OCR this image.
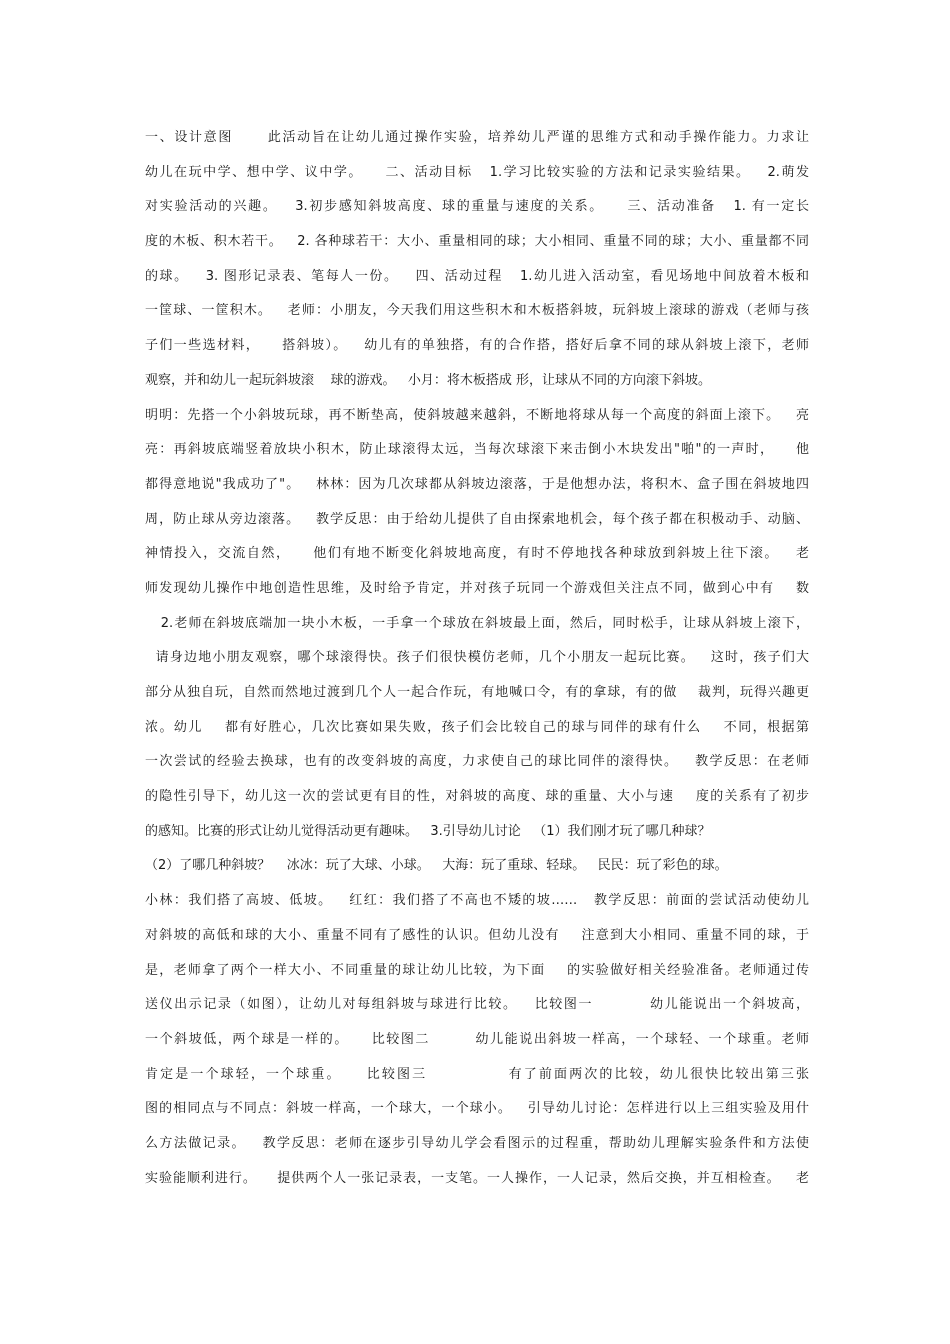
一、设计意图      此活动旨在让幼儿通过操作实验，培养幼儿严谨的思维方式和动手操作能力。力求让
幼儿在玩中学、想中学、议中学。    二、活动目标   1.学习比较实验的方法和记录实验结果。   2.萌发
对实验活动的兴趣。   3.初步感知斜坡高度、球的重量与速度的关系。    三、活动准备   1. 有一定长
度的木板、积木若干。   2. 各种球若干：大小、重量相同的球；大小相同、重量不同的球；大小、重量都不同
的球。   3. 图形记录表、笔每人一份。   四、活动过程   1.幼儿进入活动室，看见场地中间放着木板和
一筐球、一筐积木。   老师：小朋友，今天我们用这些积木和木板搭斜坡，玩斜坡上滚球的游戏（老师与孩
子们一些选材料，    搭斜坡）。   幼儿有的单独搭，有的合作搭，搭好后拿不同的球从斜坡上滚下，老师
观察，并和幼儿一起玩斜坡滚    球的游戏。   小月：将木板搭成 形，让球从不同的方向滚下斜坡。
明明：先搭一个小斜坡玩球，再不断垫高，使斜坡越来越斜，不断地将球从每一个高度的斜面上滚下。   亮
亮：再斜坡底端竖着放块小积木，防止球滚得太远，当每次球滚下来击倒小木块发出"啪"的一声时，    他
都得意地说"我成功了"。   林林：因为几次球都从斜坡边滚落，于是他想办法，将积木、盒子围在斜坡地四
周，防止球从旁边滚落。   教学反思：由于给幼儿提供了自由探索地机会，每个孩子都在积极动手、动脑、
神情投入，交流自然，    他们有地不断变化斜坡地高度，有时不停地找各种球放到斜坡上往下滚。   老
师发现幼儿操作中地创造性思维，及时给予肯定，并对孩子玩同一个游戏但关注点不同，做到心中有    数
2.老师在斜坡底端加一块小木板，一手拿一个球放在斜坡最上面，然后，同时松手，让球从斜坡上滚下，
请身边地小朋友观察，哪个球滚得快。孩子们很快模仿老师，几个小朋友一起玩比赛。   这时，孩子们大
部分从独自玩，自然而然地过渡到几个人一起合作玩，有地喊口令，有的拿球，有的做    裁判，玩得兴趣更
浓。幼儿    都有好胜心，几次比赛如果失败，孩子们会比较自己的球与同伴的球有什么    不同，根据第
一次尝试的经验去换球，也有的改变斜坡的高度，力求使自己的球比同伴的滚得快。   教学反思：在老师
的隐性引导下，幼儿这一次的尝试更有目的性，对斜坡的高度、球的重量、大小与速    度的关系有了初步
的感知。比赛的形式让幼儿觉得活动更有趣味。   3.引导幼儿讨论   （1）我们刚才玩了哪几种球？
（2）了哪几种斜坡？    冰冰：玩了大球、小球。   大海：玩了重球、轻球。   民民：玩了彩色的球。
小林：我们搭了高坡、低坡。   红红：我们搭了不高也不矮的坡……   教学反思：前面的尝试活动使幼儿
对斜坡的高低和球的大小、重量不同有了感性的认识。但幼儿没有    注意到大小相同、重量不同的球，于
是，老师拿了两个一样大小、不同重量的球让幼儿比较，为下面    的实验做好相关经验准备。老师通过传
送仪出示记录（如图），让幼儿对每组斜坡与球进行比较。   比较图一          幼儿能说出一个斜坡高，
一个斜坡低，两个球是一样的。    比较图二        幼儿能说出斜坡一样高，一个球轻、一个球重。老师
肯定是一个球轻，一个球重。    比较图三             有了前面两次的比较，幼儿很快比较出第三张
图的相同点与不同点：斜坡一样高，一个球大，一个球小。   引导幼儿讨论：怎样进行以上三组实验及用什
么方法做记录。   教学反思：老师在逐步引导幼儿学会看图示的过程重，帮助幼儿理解实验条件和方法使
实验能顺利进行。    提供两个人一张记录表，一支笔。一人操作，一人记录，然后交换，并互相检查。   老
